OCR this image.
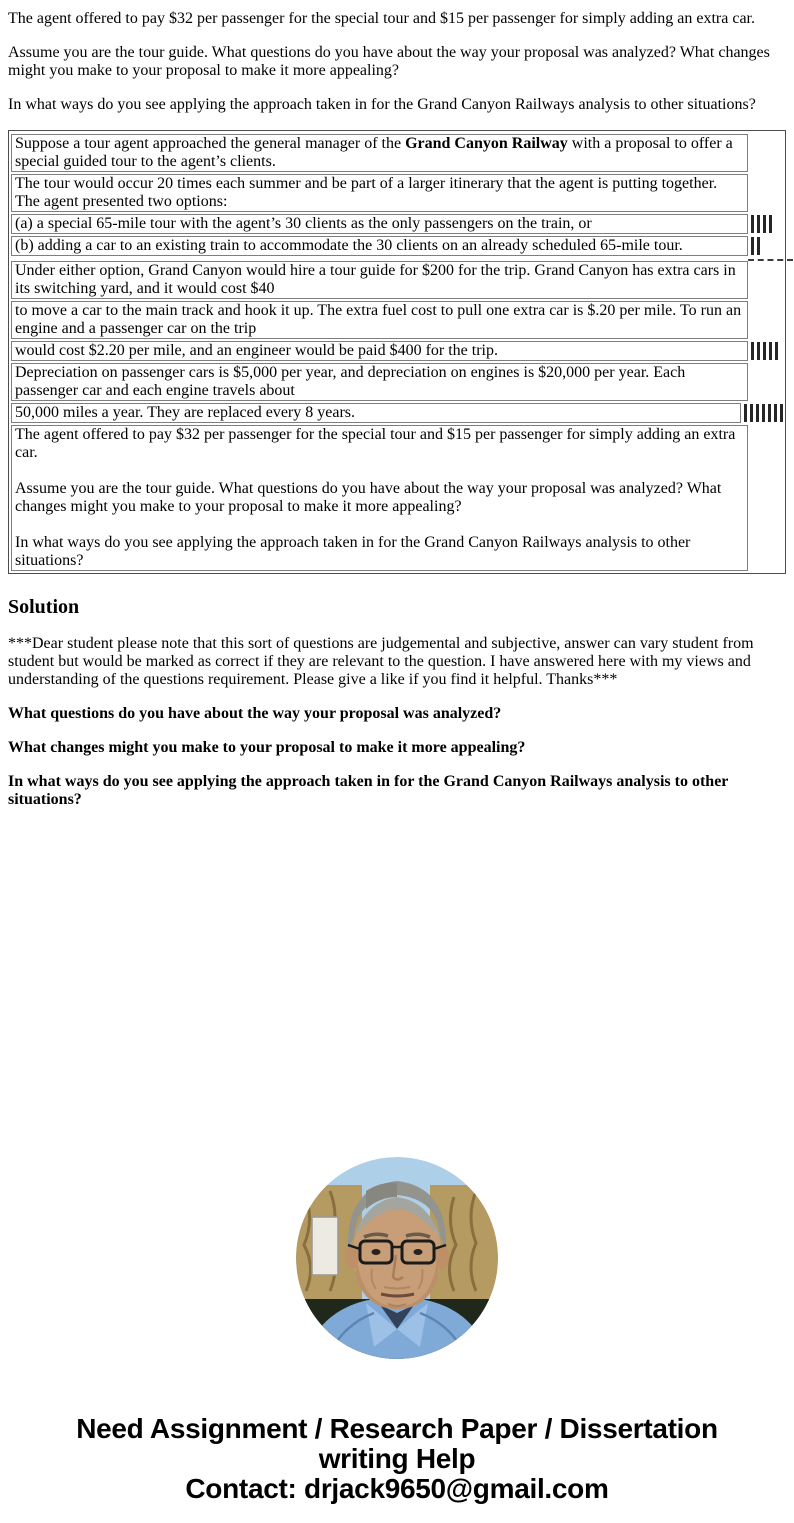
The agent offered to pay $32 per passenger for the special tour and $15 per passenger for simply adding an extra car.

Assume you are the tour guide. What questions do you have about the way your proposal was analyzed? What changes might you make to your proposal to make it more appealing?

In what ways do you see applying the approach taken in for the Grand Canyon Railways analysis to other situations?

Suppose a tour agent approached the general manager of the Grand Canyon Railway with a proposal to offer a special guided tour to the agent’s clients.
The tour would occur 20 times each summer and be part of a larger itinerary that the agent is putting together. The agent presented two options:
(a) a special 65-mile tour with the agent’s 30 clients as the only passengers on the train, or
(b) adding a car to an existing train to accommodate the 30 clients on an already scheduled 65-mile tour.
Under either option, Grand Canyon would hire a tour guide for $200 for the trip. Grand Canyon has extra cars in its switching yard, and it would cost $40
to move a car to the main track and hook it up. The extra fuel cost to pull one extra car is $.20 per mile. To run an engine and a passenger car on the trip
would cost $2.20 per mile, and an engineer would be paid $400 for the trip.
Depreciation on passenger cars is $5,000 per year, and depreciation on engines is $20,000 per year. Each passenger car and each engine travels about
50,000 miles a year. They are replaced every 8 years.

The agent offered to pay $32 per passenger for the special tour and $15 per passenger for simply adding an extra car.

Assume you are the tour guide. What questions do you have about the way your proposal was analyzed? What changes might you make to your proposal to make it more appealing?

In what ways do you see applying the approach taken in for the Grand Canyon Railways analysis to other situations?

Solution

***Dear student please note that this sort of questions are judgemental and subjective, answer can vary student from student but would be marked as correct if they are relevant to the question. I have answered here with my views and understanding of the questions requirement. Please give a like if you find it helpful. Thanks***

What questions do you have about the way your proposal was analyzed?

What changes might you make to your proposal to make it more appealing?

In what ways do you see applying the approach taken in for the Grand Canyon Railways analysis to other situations?

Need Assignment / Research Paper / Dissertation
writing Help
Contact: drjack9650@gmail.com
